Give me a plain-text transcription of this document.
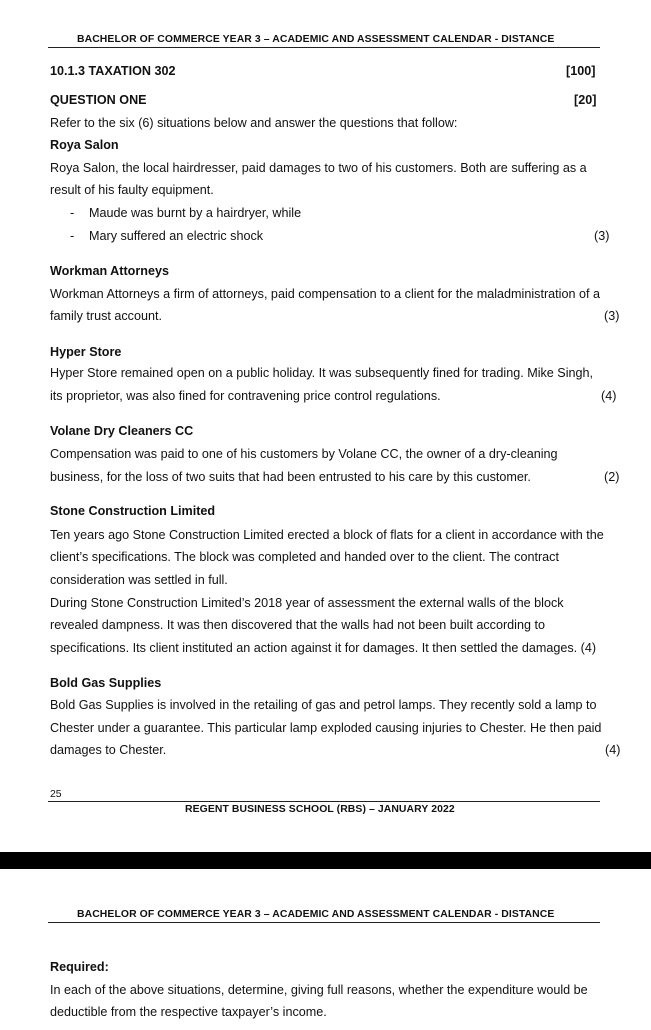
BACHELOR OF COMMERCE YEAR 3 – ACADEMIC AND ASSESSMENT CALENDAR - DISTANCE
10.1.3 TAXATION 302	[100]
QUESTION ONE	[20]
Refer to the six (6) situations below and answer the questions that follow:
Roya Salon
Roya Salon, the local hairdresser, paid damages to two of his customers. Both are suffering as a
result of his faulty equipment.
- Maude was burnt by a hairdryer, while
- Mary suffered an electric shock	(3)
Workman Attorneys
Workman Attorneys a firm of attorneys, paid compensation to a client for the maladministration of a
family trust account.	(3)
Hyper Store
Hyper Store remained open on a public holiday. It was subsequently fined for trading. Mike Singh,
its proprietor, was also fined for contravening price control regulations.	(4)
Volane Dry Cleaners CC
Compensation was paid to one of his customers by Volane CC, the owner of a dry-cleaning
business, for the loss of two suits that had been entrusted to his care by this customer.	(2)
Stone Construction Limited
Ten years ago Stone Construction Limited erected a block of flats for a client in accordance with the
client’s specifications. The block was completed and handed over to the client. The contract
consideration was settled in full.
During Stone Construction Limited’s 2018 year of assessment the external walls of the block
revealed dampness. It was then discovered that the walls had not been built according to
specifications. Its client instituted an action against it for damages. It then settled the damages. (4)
Bold Gas Supplies
Bold Gas Supplies is involved in the retailing of gas and petrol lamps. They recently sold a lamp to
Chester under a guarantee. This particular lamp exploded causing injuries to Chester. He then paid
damages to Chester.	(4)
25
REGENT BUSINESS SCHOOL (RBS) – JANUARY 2022
BACHELOR OF COMMERCE YEAR 3 – ACADEMIC AND ASSESSMENT CALENDAR - DISTANCE
Required:
In each of the above situations, determine, giving full reasons, whether the expenditure would be
deductible from the respective taxpayer’s income.
